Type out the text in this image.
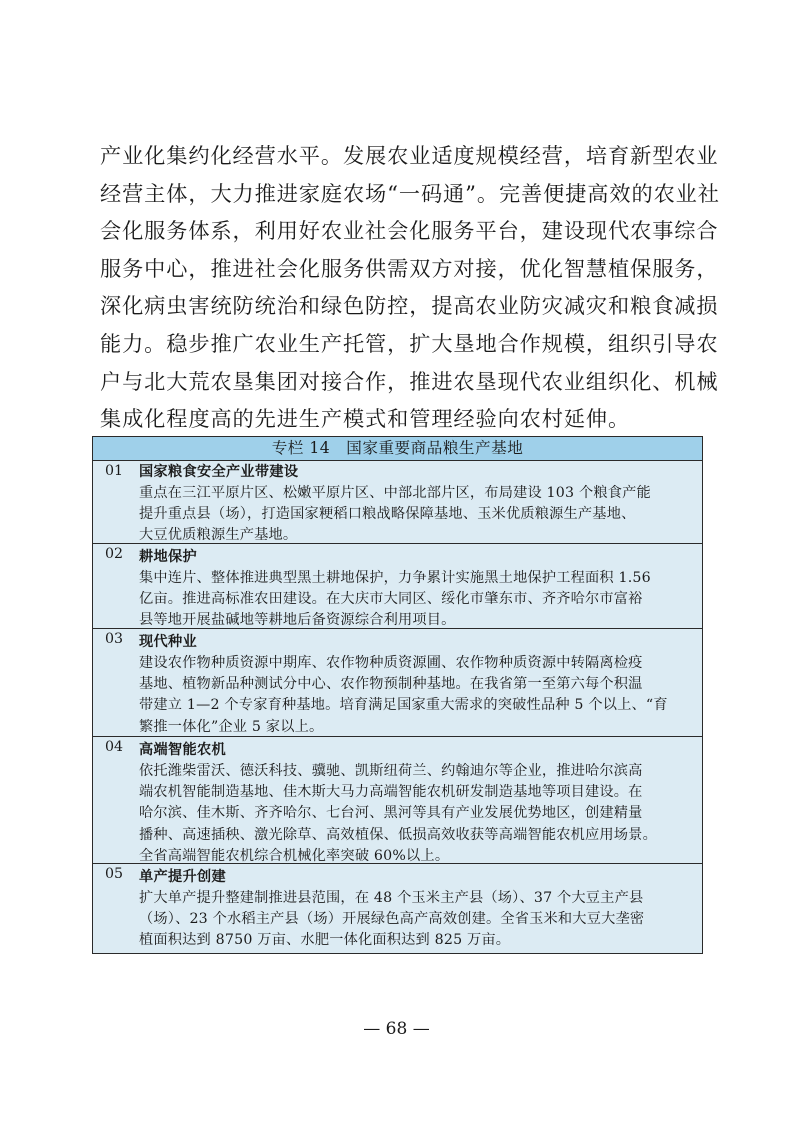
产业化集约化经营水平。发展农业适度规模经营，培育新型农业
经营主体，大力推进家庭农场“一码通”。完善便捷高效的农业社
会化服务体系，利用好农业社会化服务平台，建设现代农事综合
服务中心，推进社会化服务供需双方对接，优化智慧植保服务，
深化病虫害统防统治和绿色防控，提高农业防灾减灾和粮食减损
能力。稳步推广农业生产托管，扩大垦地合作规模，组织引导农
户与北大荒农垦集团对接合作，推进农垦现代农业组织化、机械
集成化程度高的先进生产模式和管理经验向农村延伸。
专栏 14　国家重要商品粮生产基地
01 国家粮食安全产业带建设
重点在三江平原片区、松嫩平原片区、中部北部片区，布局建设 103 个粮食产能
提升重点县（场），打造国家粳稻口粮战略保障基地、玉米优质粮源生产基地、
大豆优质粮源生产基地。
02 耕地保护
集中连片、整体推进典型黑土耕地保护，力争累计实施黑土地保护工程面积 1.56
亿亩。推进高标准农田建设。在大庆市大同区、绥化市肇东市、齐齐哈尔市富裕
县等地开展盐碱地等耕地后备资源综合利用项目。
03 现代种业
建设农作物种质资源中期库、农作物种质资源圃、农作物种质资源中转隔离检疫
基地、植物新品种测试分中心、农作物预制种基地。在我省第一至第六每个积温
带建立 1—2 个专家育种基地。培育满足国家重大需求的突破性品种 5 个以上、“育
繁推一体化”企业 5 家以上。
04 高端智能农机
依托潍柴雷沃、德沃科技、骥驰、凯斯纽荷兰、约翰迪尔等企业，推进哈尔滨高
端农机智能制造基地、佳木斯大马力高端智能农机研发制造基地等项目建设。在
哈尔滨、佳木斯、齐齐哈尔、七台河、黑河等具有产业发展优势地区，创建精量
播种、高速插秧、激光除草、高效植保、低损高效收获等高端智能农机应用场景。
全省高端智能农机综合机械化率突破 60%以上。
05 单产提升创建
扩大单产提升整建制推进县范围，在 48 个玉米主产县（场）、37 个大豆主产县
（场）、23 个水稻主产县（场）开展绿色高产高效创建。全省玉米和大豆大垄密
植面积达到 8750 万亩、水肥一体化面积达到 825 万亩。
— 68 —
